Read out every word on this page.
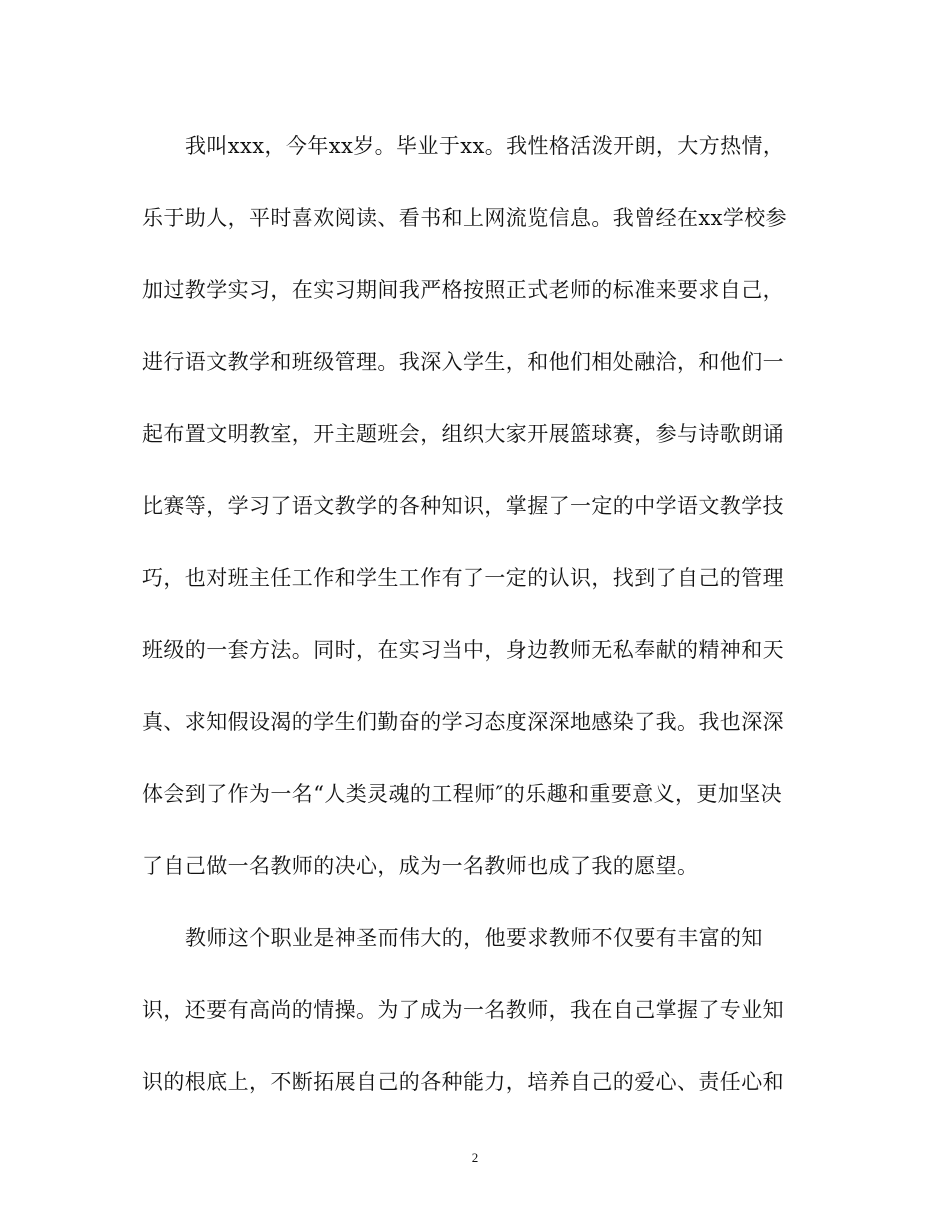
我叫xxx，今年xx岁。毕业于xx。我性格活泼开朗，大方热情，
乐于助人，平时喜欢阅读、看书和上网流览信息。我曾经在xx学校参
加过教学实习，在实习期间我严格按照正式老师的标准来要求自己，
进行语文教学和班级管理。我深入学生，和他们相处融洽，和他们一
起布置文明教室，开主题班会，组织大家开展篮球赛，参与诗歌朗诵
比赛等，学习了语文教学的各种知识，掌握了一定的中学语文教学技
巧，也对班主任工作和学生工作有了一定的认识，找到了自己的管理
班级的一套方法。同时，在实习当中，身边教师无私奉献的精神和天
真、求知假设渴的学生们勤奋的学习态度深深地感染了我。我也深深
体会到了作为一名“人类灵魂的工程师″的乐趣和重要意义，更加坚决
了自己做一名教师的决心，成为一名教师也成了我的愿望。
教师这个职业是神圣而伟大的，他要求教师不仅要有丰富的知
识，还要有高尚的情操。为了成为一名教师，我在自己掌握了专业知
识的根底上，不断拓展自己的各种能力，培养自己的爱心、责任心和
2
